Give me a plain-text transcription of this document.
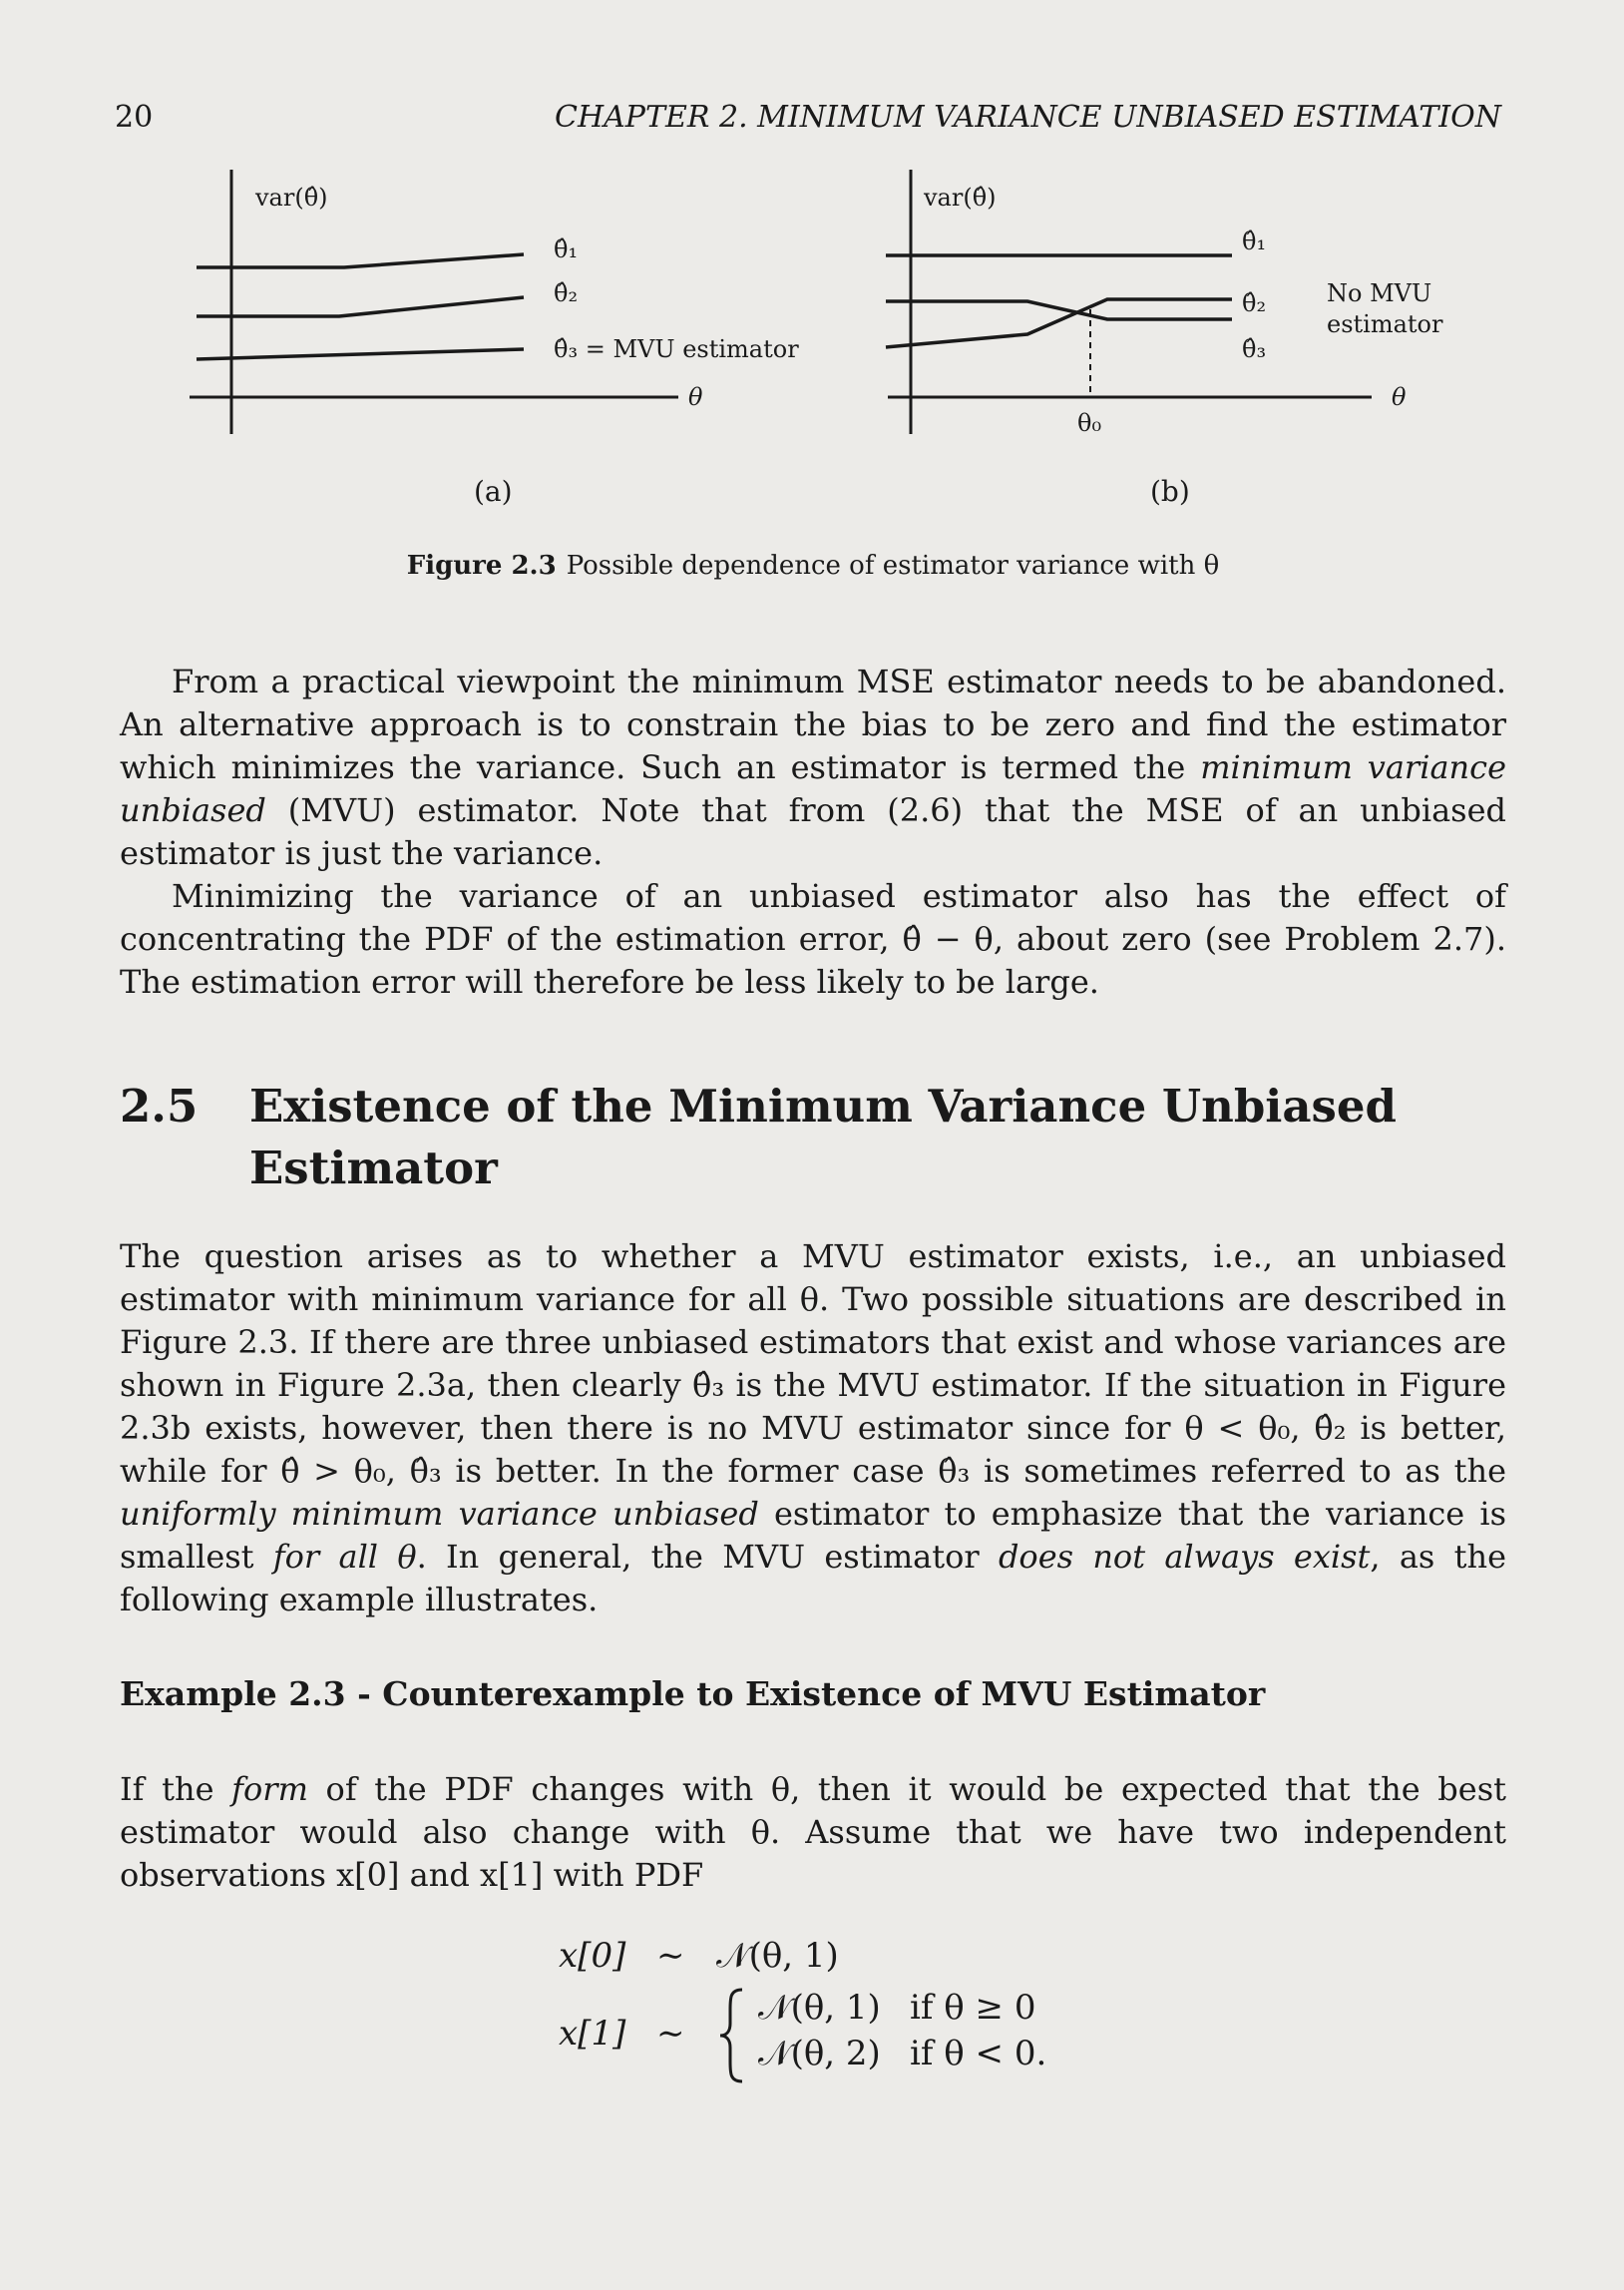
20	CHAPTER 2. MINIMUM VARIANCE UNBIASED ESTIMATION
var(θ̂)
θ̂₁
θ̂₂
θ̂₃ = MVU estimator
θ
(a)
var(θ̂)
θ̂₁
θ̂₂
θ̂₃
No MVU
estimator
θ₀
θ
(b)
Figure 2.3 Possible dependence of estimator variance with θ

From a practical viewpoint the minimum MSE estimator needs to be abandoned. An alternative approach is to constrain the bias to be zero and find the estimator which minimizes the variance. Such an estimator is termed the minimum variance unbiased (MVU) estimator. Note that from (2.6) that the MSE of an unbiased estimator is just the variance.

Minimizing the variance of an unbiased estimator also has the effect of concentrating the PDF of the estimation error, θ̂ − θ, about zero (see Problem 2.7). The estimation error will therefore be less likely to be large.

2.5 Existence of the Minimum Variance Unbiased Estimator

The question arises as to whether a MVU estimator exists, i.e., an unbiased estimator with minimum variance for all θ. Two possible situations are described in Figure 2.3. If there are three unbiased estimators that exist and whose variances are shown in Figure 2.3a, then clearly θ̂₃ is the MVU estimator. If the situation in Figure 2.3b exists, however, then there is no MVU estimator since for θ < θ₀, θ̂₂ is better, while for θ̂ > θ₀, θ̂₃ is better. In the former case θ̂₃ is sometimes referred to as the uniformly minimum variance unbiased estimator to emphasize that the variance is smallest for all θ. In general, the MVU estimator does not always exist, as the following example illustrates.

Example 2.3 - Counterexample to Existence of MVU Estimator

If the form of the PDF changes with θ, then it would be expected that the best estimator would also change with θ. Assume that we have two independent observations x[0] and x[1] with PDF

x[0] ∼ 𝒩(θ, 1)
x[1] ∼
𝒩(θ, 1) if θ ≥ 0
𝒩(θ, 2) if θ < 0.
